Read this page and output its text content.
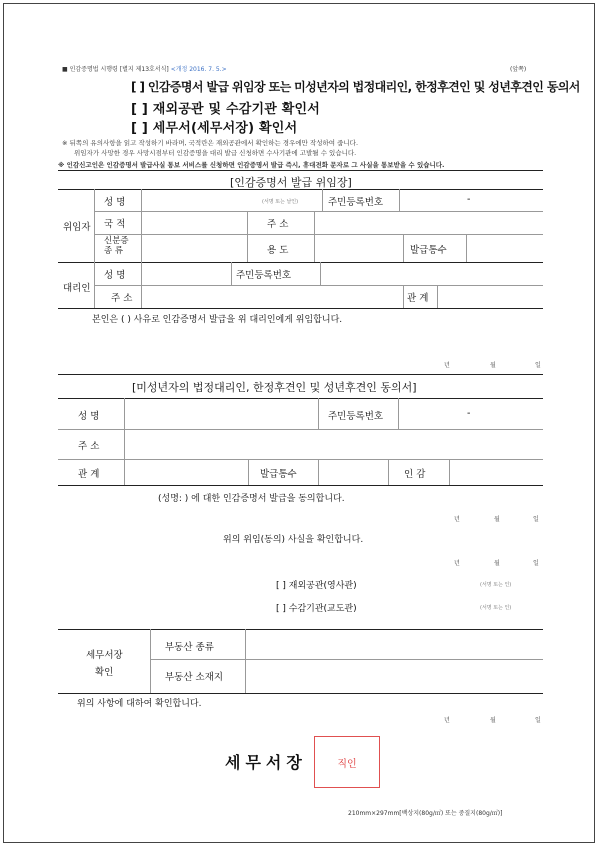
■ 인감증명법 시행령 [별지 제13호서식] <개정 2016. 7. 5.>	(앞쪽)
[ ] 인감증명서 발급 위임장 또는 미성년자의 법정대리인, 한정후견인 및 성년후견인 동의서
[ ] 재외공관 및 수감기관 확인서
[ ] 세무서(세무서장) 확인서
※ 뒤쪽의 유의사항을 읽고 작성하기 바라며, 국적란은 재외공관에서 확인하는 경우에만 작성하여 줍니다.
위임자가 사망한 경우 사망시점부터 인감증명을 대리 발급 신청하면 수사기관에 고발될 수 있습니다.
※ 인감신고인은 인감증명서 발급사실 통보 서비스를 신청하면 인감증명서 발급 즉시, 휴대전화 문자로 그 사실을 통보받을 수 있습니다.
[인감증명서 발급 위임장]
위임자
성 명	(서명 또는 날인)	주민등록번호	-
국 적	주 소
신분증
종 류	용 도	발급통수
대리인
성 명	주민등록번호
주 소	관 계
본인은 ( ) 사유로 인감증명서 발급을 위 대리인에게 위임합니다.
년	월	일
[미성년자의 법정대리인, 한정후견인 및 성년후견인 동의서]
성 명	주민등록번호	-
주 소
관 계	발급통수	인 감
(성명: ) 에 대한 인감증명서 발급을 동의합니다.
년	월	일
위의 위임(동의) 사실을 확인합니다.
년	월	일
[ ] 재외공관(영사관)	(서명 또는 인)
[ ] 수감기관(교도관)	(서명 또는 인)
세무서장
확인
부동산 종류
부동산 소재지
위의 사항에 대하여 확인합니다.
년	월	일
세무서장	직인
210mm×297mm[백상지(80g/㎡) 또는 중질지(80g/㎡)]
